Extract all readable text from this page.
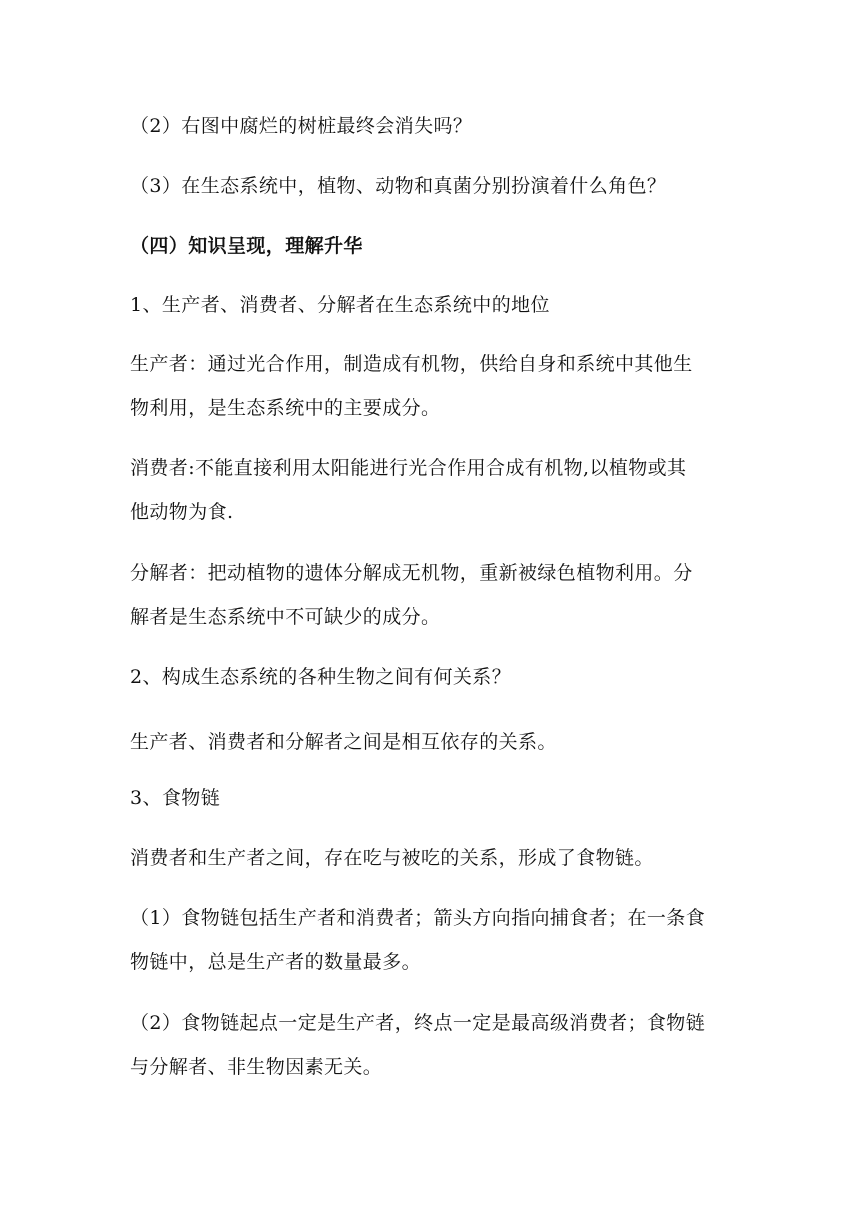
（2）右图中腐烂的树桩最终会消失吗？
（3）在生态系统中，植物、动物和真菌分别扮演着什么角色？
（四）知识呈现，理解升华
1、生产者、消费者、分解者在生态系统中的地位
生产者：通过光合作用，制造成有机物，供给自身和系统中其他生
物利用，是生态系统中的主要成分。
消费者:不能直接利用太阳能进行光合作用合成有机物,以植物或其
他动物为食.
分解者：把动植物的遗体分解成无机物，重新被绿色植物利用。分
解者是生态系统中不可缺少的成分。
2、构成生态系统的各种生物之间有何关系？
生产者、消费者和分解者之间是相互依存的关系。
3、食物链
消费者和生产者之间，存在吃与被吃的关系，形成了食物链。
（1）食物链包括生产者和消费者；箭头方向指向捕食者；在一条食
物链中，总是生产者的数量最多。
（2）食物链起点一定是生产者，终点一定是最高级消费者；食物链
与分解者、非生物因素无关。
